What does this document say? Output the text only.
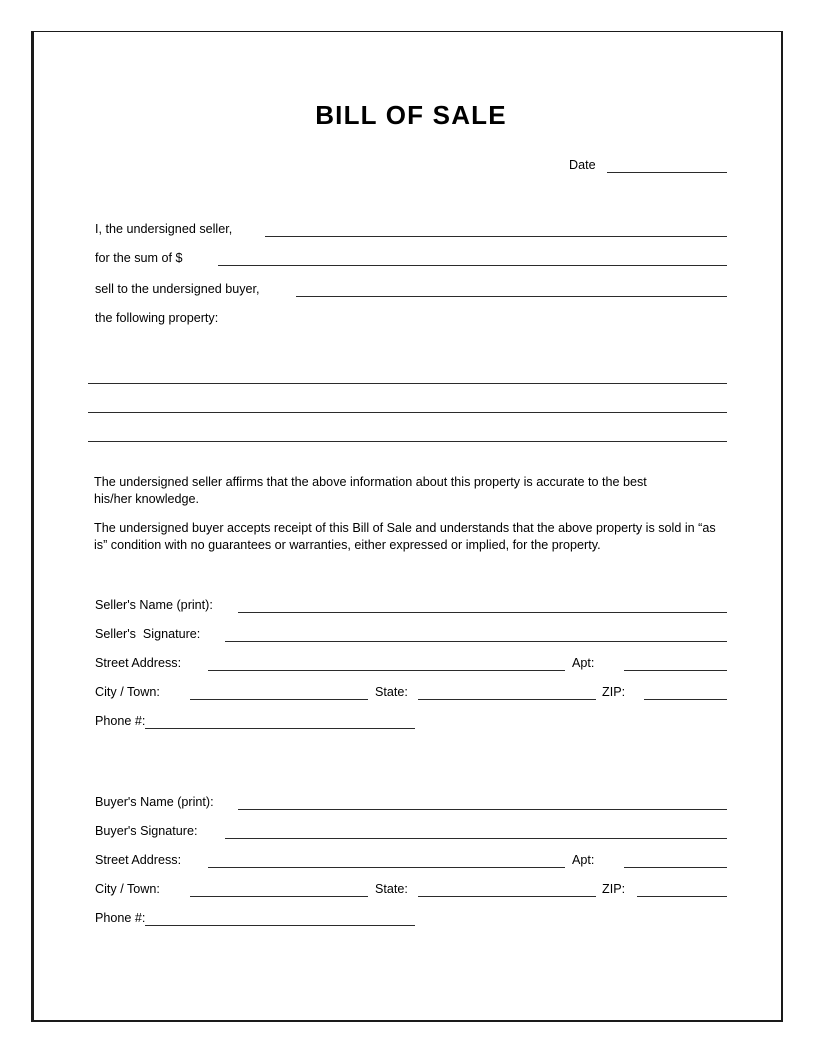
BILL OF SALE
Date
I, the undersigned seller,
for the sum of $
sell to the undersigned buyer,
the following property:
The undersigned seller affirms that the above information about this property is accurate to the best his/her knowledge.
The undersigned buyer accepts receipt of this Bill of Sale and understands that the above property is sold in “as is” condition with no guarantees or warranties, either expressed or implied, for the property.
Seller's Name (print):
Seller's  Signature:
Street Address:	Apt:
City / Town:	State:	ZIP:
Phone #:
Buyer's Name (print):
Buyer's Signature:
Street Address:	Apt:
City / Town:	State:	ZIP:
Phone #:
